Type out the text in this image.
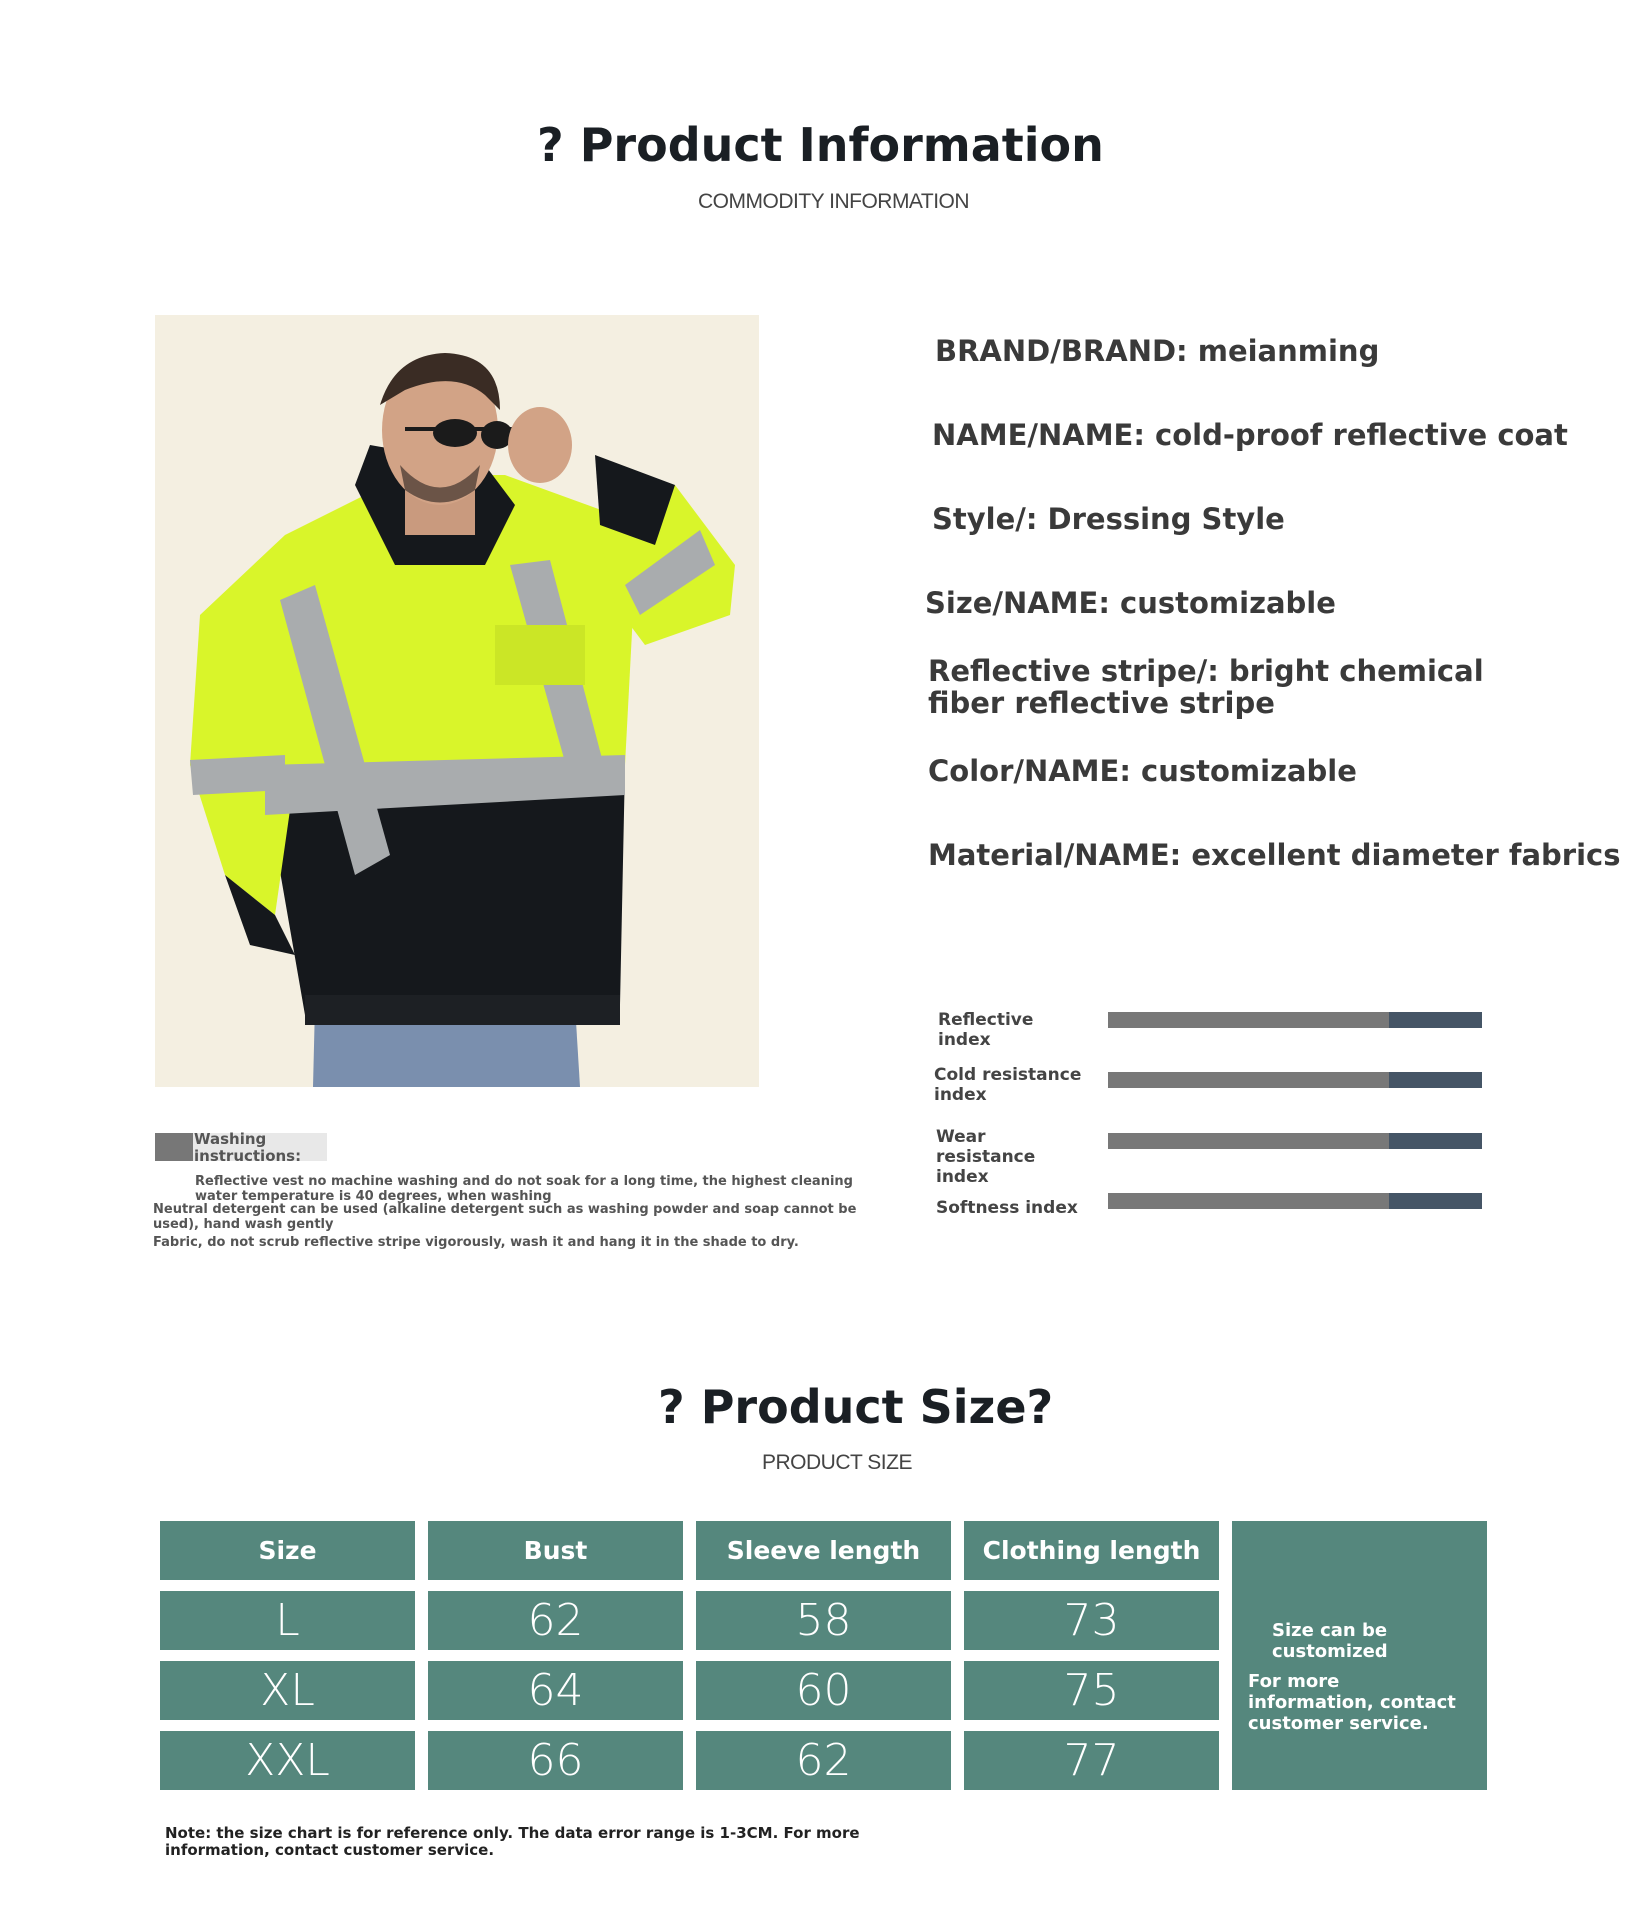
? Product Information
COMMODITY INFORMATION
BRAND/BRAND: meianming
NAME/NAME: cold-proof reflective coat
Style/: Dressing Style
Size/NAME: customizable
Reflective stripe/: bright chemical fiber reflective stripe
Color/NAME: customizable
Material/NAME: excellent diameter fabrics
Reflective index
Cold resistance index
Wear resistance index
Softness index
Washing instructions:
Reflective vest no machine washing and do not soak for a long time, the highest cleaning
water temperature is 40 degrees, when washing
Neutral detergent can be used (alkaline detergent such as washing powder and soap cannot be
used), hand wash gently
Fabric, do not scrub reflective stripe vigorously, wash it and hang it in the shade to dry.
? Product Size?
PRODUCT SIZE
Size	Bust	Sleeve length	Clothing length
L	62	58	73
XL	64	60	75
XXL	66	62	77
Size can be customized
For more information, contact customer service.
Note: the size chart is for reference only. The data error range is 1-3CM. For more information, contact customer service.
